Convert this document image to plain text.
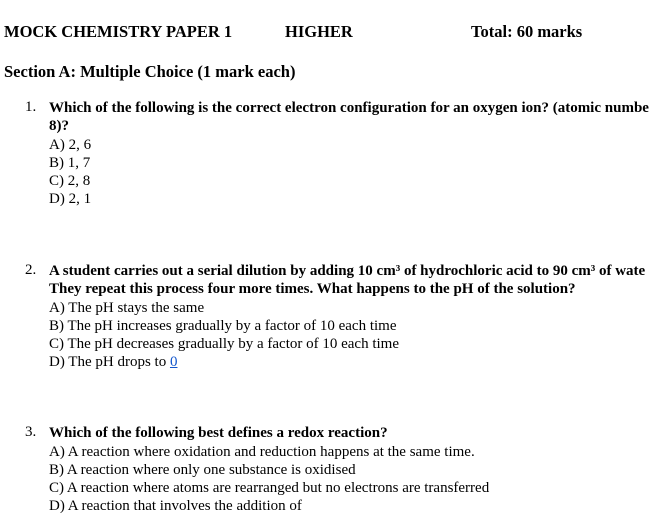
MOCK CHEMISTRY PAPER 1	HIGHER	Total: 60 marks
Section A: Multiple Choice (1 mark each)
1. Which of the following is the correct electron configuration for an oxygen ion? (atomic numbe
8)?
A) 2, 6
B) 1, 7
C) 2, 8
D) 2, 1
2. A student carries out a serial dilution by adding 10 cm³ of hydrochloric acid to 90 cm³ of wate
They repeat this process four more times. What happens to the pH of the solution?
A) The pH stays the same
B) The pH increases gradually by a factor of 10 each time
C) The pH decreases gradually by a factor of 10 each time
D) The pH drops to 0
3. Which of the following best defines a redox reaction?
A) A reaction where oxidation and reduction happens at the same time.
B) A reaction where only one substance is oxidised
C) A reaction where atoms are rearranged but no electrons are transferred
D) A reaction that involves the addition of
